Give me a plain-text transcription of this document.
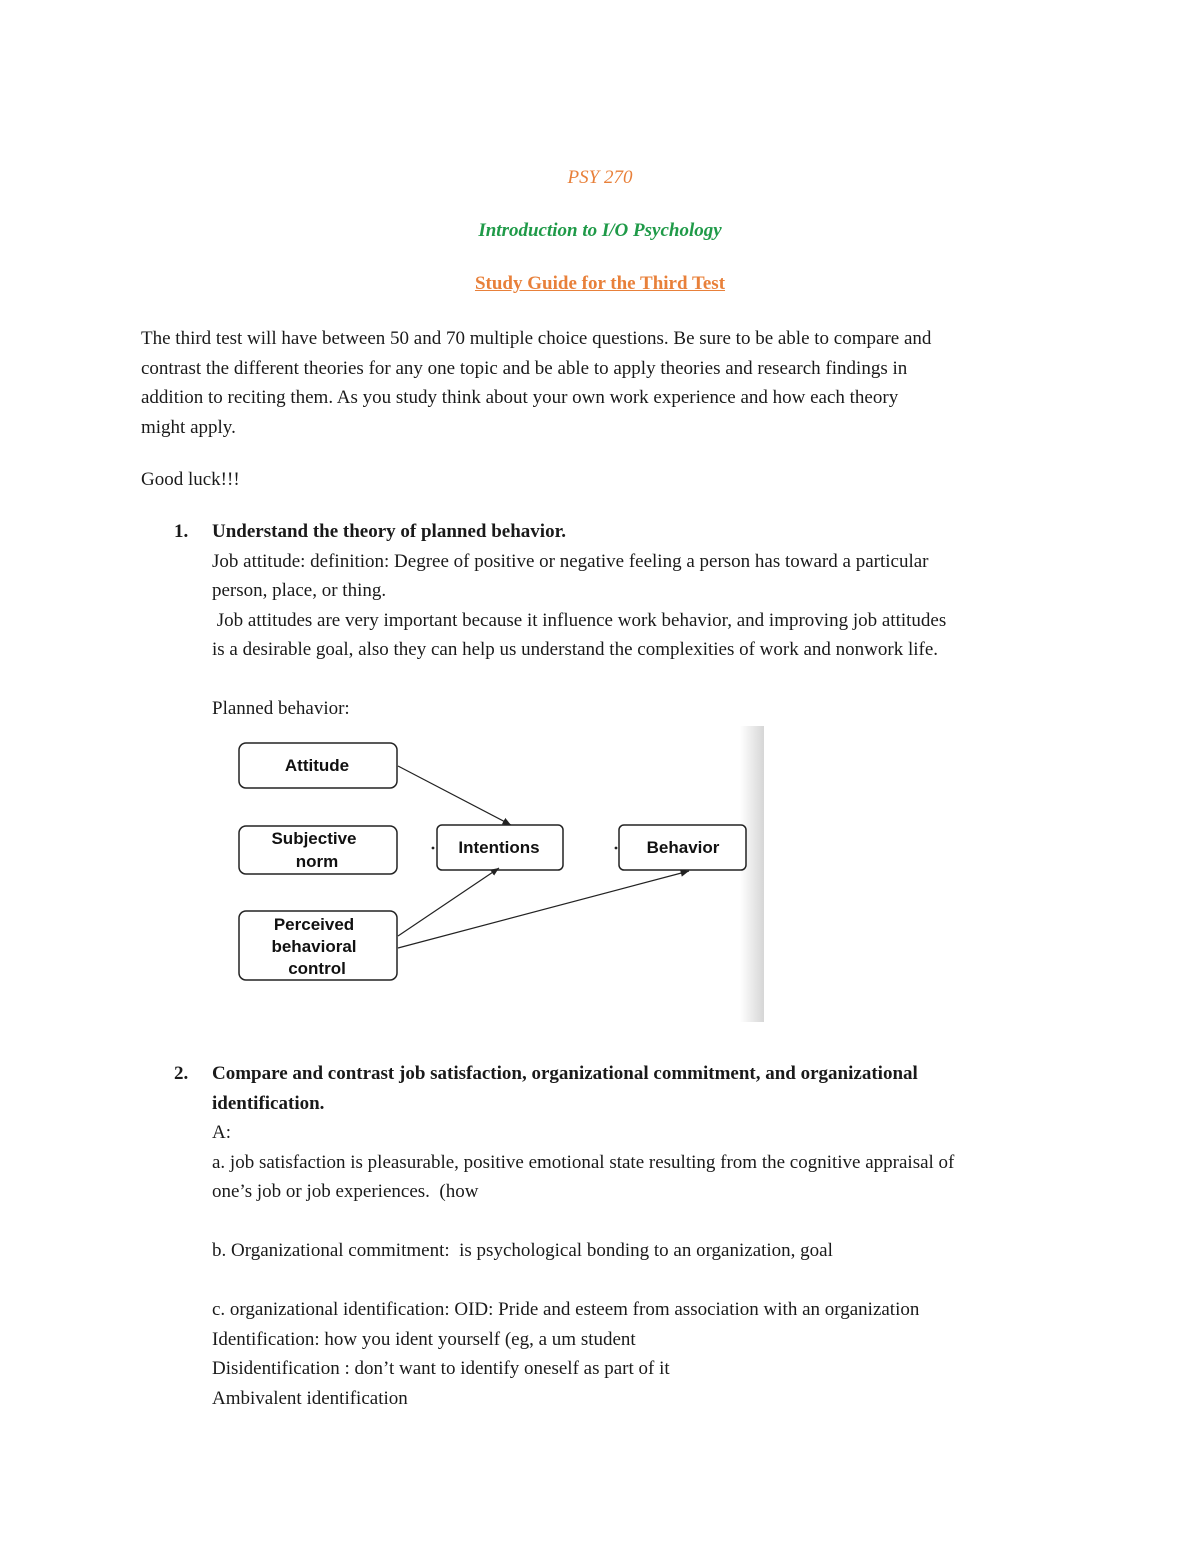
PSY 270
Introduction to I/O Psychology
Study Guide for the Third Test
The third test will have between 50 and 70 multiple choice questions. Be sure to be able to compare and
contrast the different theories for any one topic and be able to apply theories and research findings in
addition to reciting them. As you study think about your own work experience and how each theory
might apply.
Good luck!!!
1. Understand the theory of planned behavior.
Job attitude: definition: Degree of positive or negative feeling a person has toward a particular
person, place, or thing.
Job attitudes are very important because it influence work behavior, and improving job attitudes
is a desirable goal, also they can help us understand the complexities of work and nonwork life.
Planned behavior:
Attitude
Subjective
norm
Perceived
behavioral
control
Intentions	Behavior
2. Compare and contrast job satisfaction, organizational commitment, and organizational
identification.
A:
a. job satisfaction is pleasurable, positive emotional state resulting from the cognitive appraisal of
one’s job or job experiences.  (how
b. Organizational commitment:  is psychological bonding to an organization, goal
c. organizational identification: OID: Pride and esteem from association with an organization
Identification: how you ident yourself (eg, a um student
Disidentification : don’t want to identify oneself as part of it
Ambivalent identification
